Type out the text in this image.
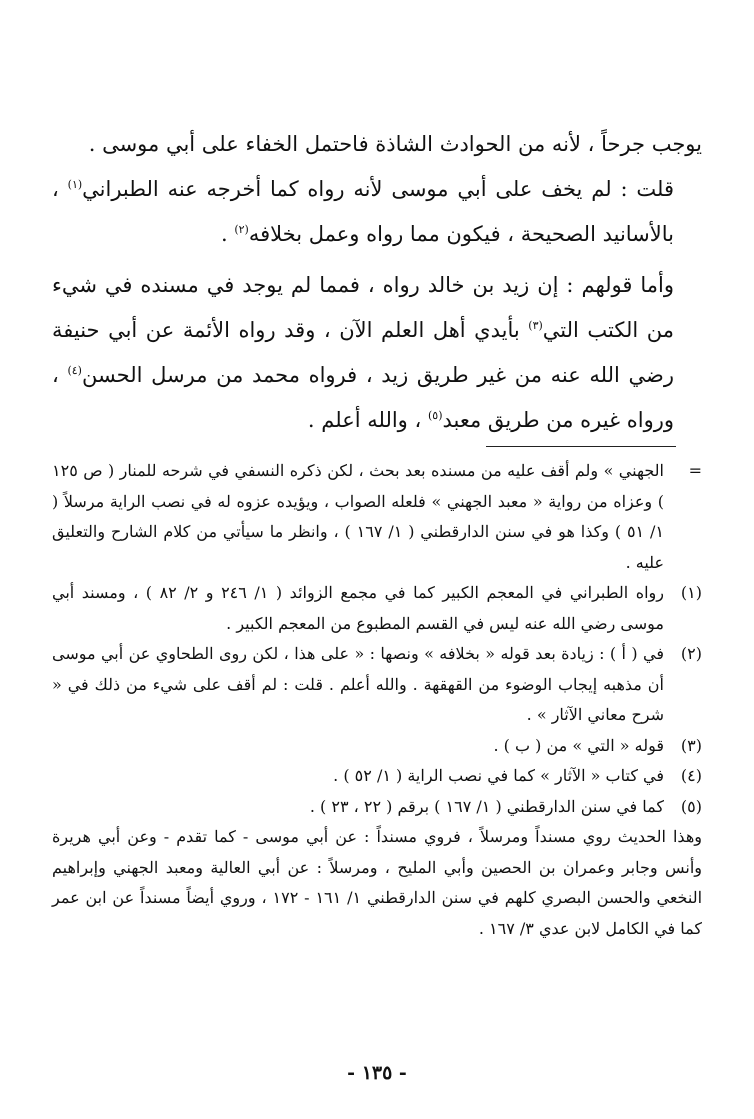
يوجب جرحاً ، لأنه من الحوادث الشاذة فاحتمل الخفاء على أبي موسى .

قلت : لم يخف على أبي موسى لأنه رواه كما أخرجه عنه الطبراني$^{(١)}$ ، بالأسانيد الصحيحة ، فيكون مما رواه وعمل بخلافه$^{(٢)}$ .

وأما قولهم : إن زيد بن خالد رواه ، فمما لم يوجد في مسنده في شيء من الكتب التي$^{(٣)}$ بأيدي أهل العلم الآن ، وقد رواه الأئمة عن أبي حنيفة رضي الله عنه من غير طريق زيد ، فرواه محمد من مرسل الحسن$^{(٤)}$ ، ورواه غيره من طريق معبد$^{(٥)}$ ، والله أعلم .

=
الجهني » ولم أقف عليه من مسنده بعد بحث ، لكن ذكره النسفي في شرحه للمنار ( ص ١٢٥ ) وعزاه من رواية « معبد الجهني » فلعله الصواب ، ويؤيده عزوه له في نصب الراية مرسلاً ( ١/ ٥١ ) وكذا هو في سنن الدارقطني ( ١/ ١٦٧ ) ، وانظر ما سيأتي من كلام الشارح والتعليق عليه .
(١)
رواه الطبراني في المعجم الكبير كما في مجمع الزوائد ( ١/ ٢٤٦ و ٢/ ٨٢ ) ، ومسند أبي موسى رضي الله عنه ليس في القسم المطبوع من المعجم الكبير .
(٢)
في ( أ ) : زيادة بعد قوله « بخلافه » ونصها : « على هذا ، لكن روى الطحاوي عن أبي موسى أن مذهبه إيجاب الوضوء من القهقهة . والله أعلم . قلت : لم أقف على شيء من ذلك في « شرح معاني الآثار » .
(٣)
قوله « التي » من ( ب ) .
(٤)
في كتاب « الآثار » كما في نصب الراية ( ١/ ٥٢ ) .
(٥)
كما في سنن الدارقطني ( ١/ ١٦٧ ) برقم ( ٢٢ ، ٢٣ ) .

وهذا الحديث روي مسنداً ومرسلاً ، فروي مسنداً : عن أبي موسى - كما تقدم - وعن أبي هريرة وأنس وجابر وعمران بن الحصين وأبي المليح ، ومرسلاً : عن أبي العالية ومعبد الجهني وإبراهيم النخعي والحسن البصري كلهم في سنن الدارقطني ١/ ١٦١ - ١٧٢ ، وروي أيضاً مسنداً عن ابن عمر كما في الكامل لابن عدي ٣/ ١٦٧ .

- ١٣٥ -
